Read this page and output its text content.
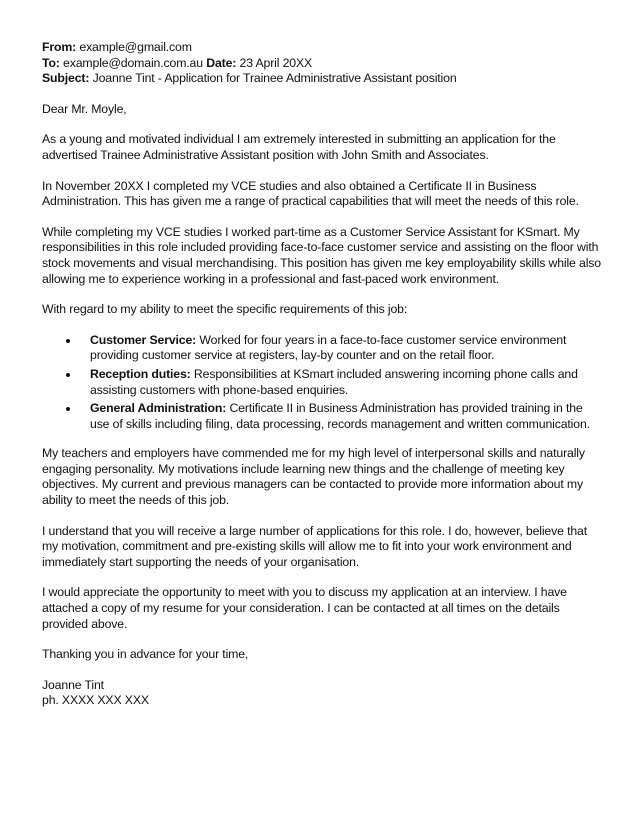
From: example@gmail.com

To: example@domain.com.au Date: 23 April 20XX

Subject: Joanne Tint - Application for Trainee Administrative Assistant position

Dear Mr. Moyle,

As a young and motivated individual I am extremely interested in submitting an application for the advertised Trainee Administrative Assistant position with John Smith and Associates.

In November 20XX I completed my VCE studies and also obtained a Certificate II in Business Administration. This has given me a range of practical capabilities that will meet the needs of this role.

While completing my VCE studies I worked part-time as a Customer Service Assistant for KSmart. My responsibilities in this role included providing face-to-face customer service and assisting on the floor with stock movements and visual merchandising. This position has given me key employability skills while also allowing me to experience working in a professional and fast-paced work environment.

With regard to my ability to meet the specific requirements of this job:

Customer Service: Worked for four years in a face-to-face customer service environment providing customer service at registers, lay-by counter and on the retail floor.
Reception duties: Responsibilities at KSmart included answering incoming phone calls and assisting customers with phone-based enquiries.
General Administration: Certificate II in Business Administration has provided training in the use of skills including filing, data processing, records management and written communication.

My teachers and employers have commended me for my high level of interpersonal skills and naturally engaging personality. My motivations include learning new things and the challenge of meeting key objectives. My current and previous managers can be contacted to provide more information about my ability to meet the needs of this job.

I understand that you will receive a large number of applications for this role. I do, however, believe that my motivation, commitment and pre-existing skills will allow me to fit into your work environment and immediately start supporting the needs of your organisation.

I would appreciate the opportunity to meet with you to discuss my application at an interview. I have attached a copy of my resume for your consideration. I can be contacted at all times on the details provided above.

Thanking you in advance for your time,

Joanne Tint

ph. XXXX XXX XXX
